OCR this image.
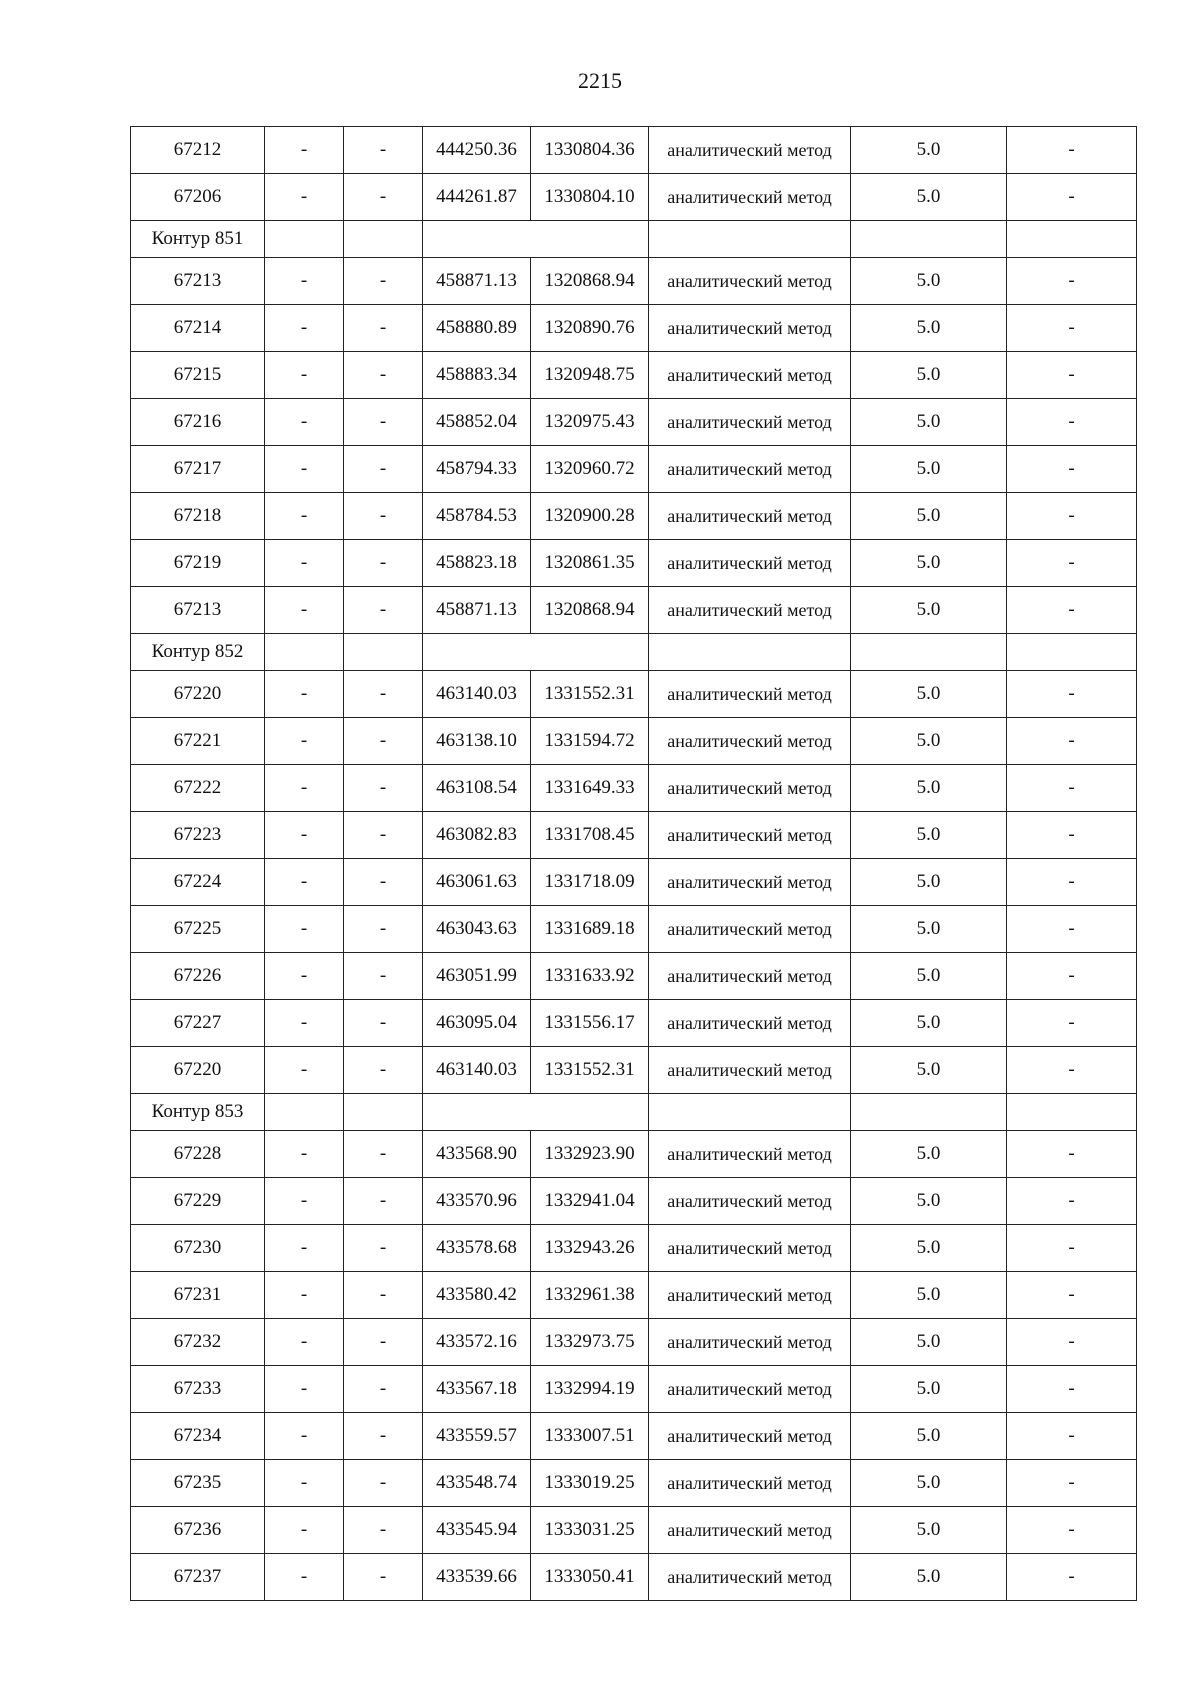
2215
67212	-	-	444250.36	1330804.36	аналитический метод	5.0	-
67206	-	-	444261.87	1330804.10	аналитический метод	5.0	-
Контур 851							
67213	-	-	458871.13	1320868.94	аналитический метод	5.0	-
67214	-	-	458880.89	1320890.76	аналитический метод	5.0	-
67215	-	-	458883.34	1320948.75	аналитический метод	5.0	-
67216	-	-	458852.04	1320975.43	аналитический метод	5.0	-
67217	-	-	458794.33	1320960.72	аналитический метод	5.0	-
67218	-	-	458784.53	1320900.28	аналитический метод	5.0	-
67219	-	-	458823.18	1320861.35	аналитический метод	5.0	-
67213	-	-	458871.13	1320868.94	аналитический метод	5.0	-
Контур 852							
67220	-	-	463140.03	1331552.31	аналитический метод	5.0	-
67221	-	-	463138.10	1331594.72	аналитический метод	5.0	-
67222	-	-	463108.54	1331649.33	аналитический метод	5.0	-
67223	-	-	463082.83	1331708.45	аналитический метод	5.0	-
67224	-	-	463061.63	1331718.09	аналитический метод	5.0	-
67225	-	-	463043.63	1331689.18	аналитический метод	5.0	-
67226	-	-	463051.99	1331633.92	аналитический метод	5.0	-
67227	-	-	463095.04	1331556.17	аналитический метод	5.0	-
67220	-	-	463140.03	1331552.31	аналитический метод	5.0	-
Контур 853							
67228	-	-	433568.90	1332923.90	аналитический метод	5.0	-
67229	-	-	433570.96	1332941.04	аналитический метод	5.0	-
67230	-	-	433578.68	1332943.26	аналитический метод	5.0	-
67231	-	-	433580.42	1332961.38	аналитический метод	5.0	-
67232	-	-	433572.16	1332973.75	аналитический метод	5.0	-
67233	-	-	433567.18	1332994.19	аналитический метод	5.0	-
67234	-	-	433559.57	1333007.51	аналитический метод	5.0	-
67235	-	-	433548.74	1333019.25	аналитический метод	5.0	-
67236	-	-	433545.94	1333031.25	аналитический метод	5.0	-
67237	-	-	433539.66	1333050.41	аналитический метод	5.0	-
